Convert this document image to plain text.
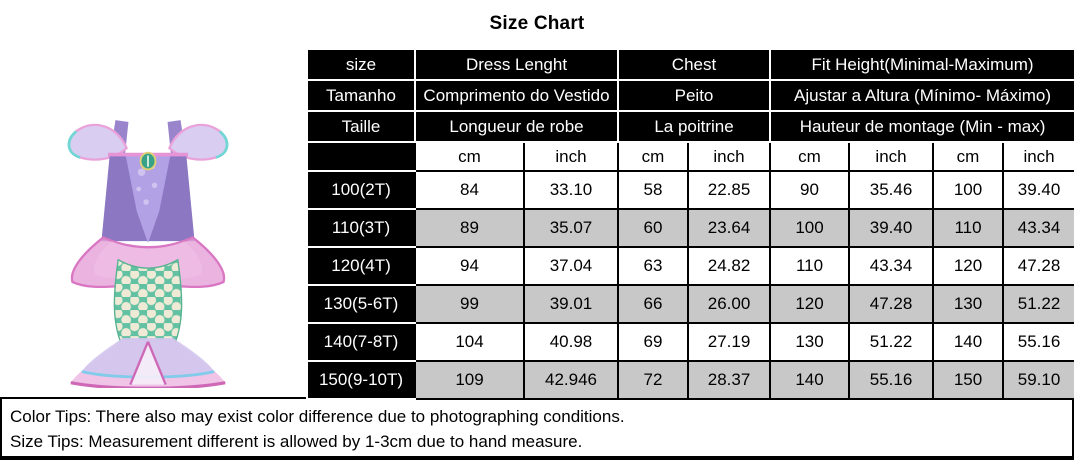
Size Chart
size	Dress Lenght		Chest		Fit Height(Minimal-Maximum)			
Tamanho	Comprimento do Vestido		Peito		Ajustar a Altura (Mínimo- Máximo)			
Taille	Longueur de robe		La poitrine		Hauteur de montage (Min - max)			
	cm	inch	cm	inch	cm	inch	cm	inch
100(2T)	84	33.10	58	22.85	90	35.46	100	39.40
110(3T)	89	35.07	60	23.64	100	39.40	110	43.34
120(4T)	94	37.04	63	24.82	110	43.34	120	47.28
130(5-6T)	99	39.01	66	26.00	120	47.28	130	51.22
140(7-8T)	104	40.98	69	27.19	130	51.22	140	55.16
150(9-10T)	109	42.946	72	28.37	140	55.16	150	59.10
Color Tips: There also may exist color difference due to photographing conditions.
Size Tips: Measurement different is allowed by 1-3cm due to hand measure.
